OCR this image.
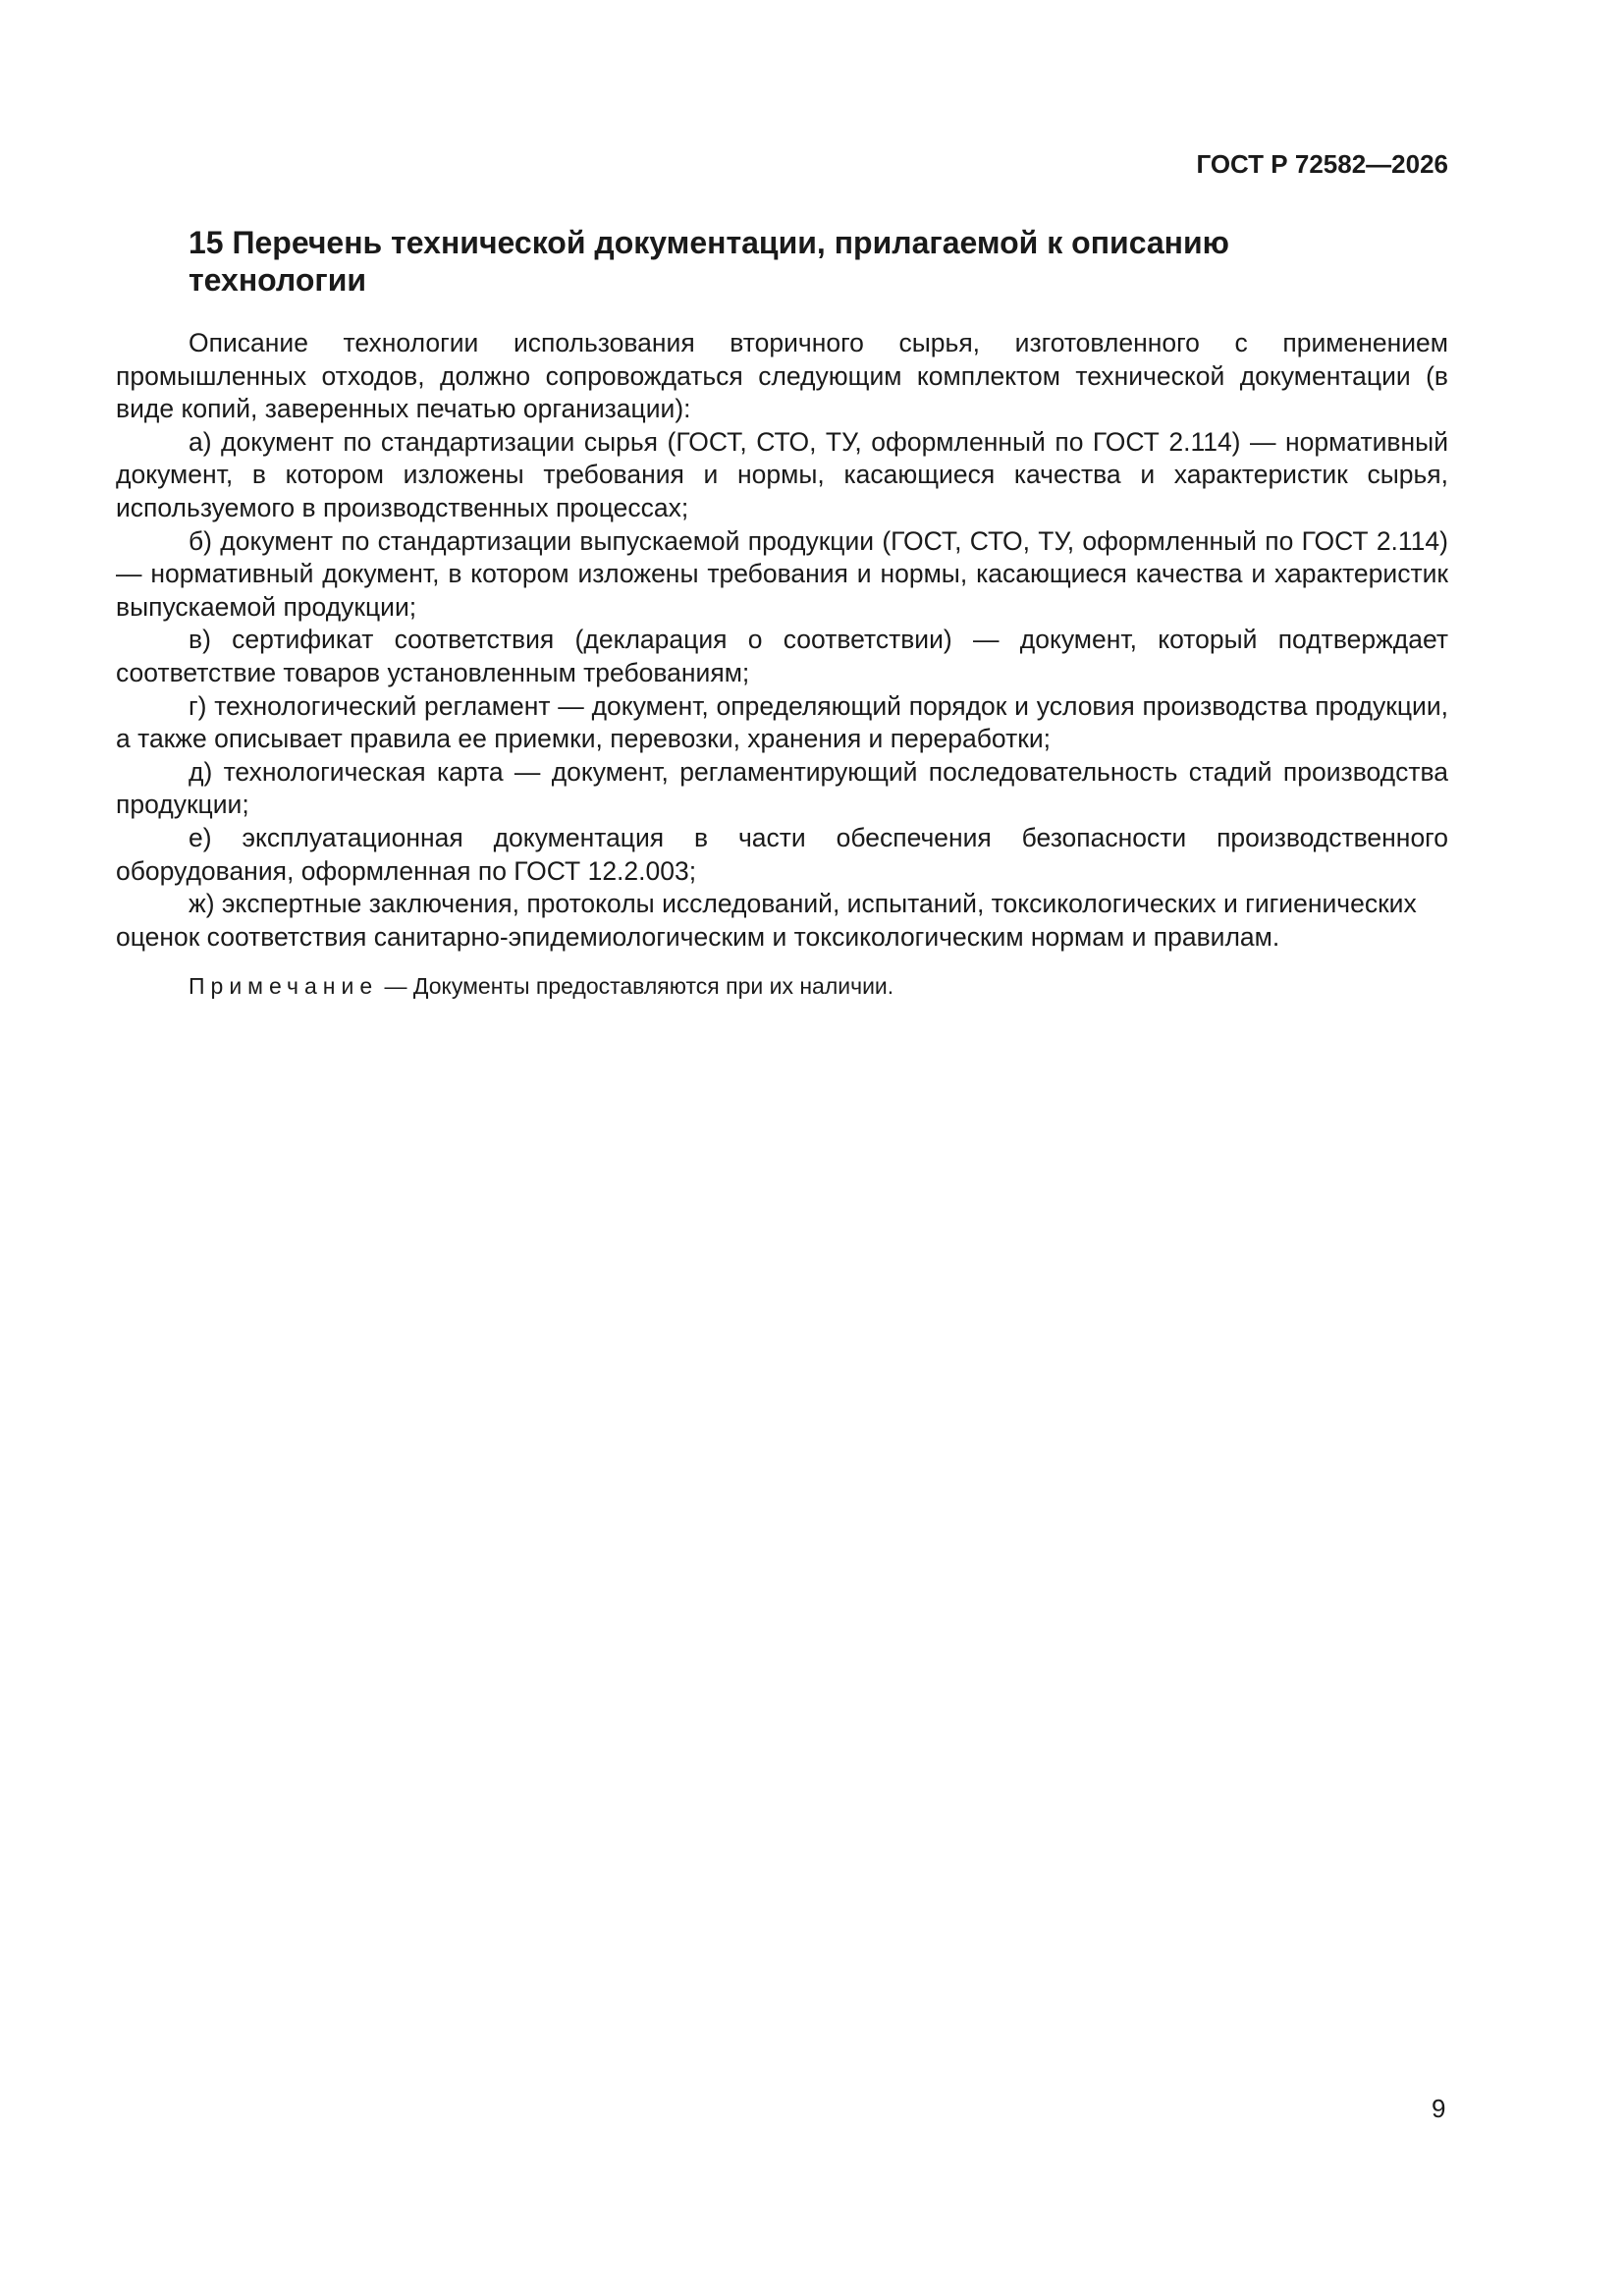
ГОСТ Р 72582—2026
15 Перечень технической документации, прилагаемой к описанию технологии

Описание технологии использования вторичного сырья, изготовленного с применением промышленных отходов, должно сопровождаться следующим комплектом технической документации (в виде копий, заверенных печатью организации):

а) документ по стандартизации сырья (ГОСТ, СТО, ТУ, оформленный по ГОСТ 2.114) — нормативный документ, в котором изложены требования и нормы, касающиеся качества и характеристик сырья, используемого в производственных процессах;

б) документ по стандартизации выпускаемой продукции (ГОСТ, СТО, ТУ, оформленный по ГОСТ 2.114) — нормативный документ, в котором изложены требования и нормы, касающиеся качества и характеристик выпускаемой продукции;

в) сертификат соответствия (декларация о соответствии) — документ, который подтверждает соответствие товаров установленным требованиям;

г) технологический регламент — документ, определяющий порядок и условия производства продукции, а также описывает правила ее приемки, перевозки, хранения и переработки;

д) технологическая карта — документ, регламентирующий последовательность стадий производства продукции;

е) эксплуатационная документация в части обеспечения безопасности производственного оборудования, оформленная по ГОСТ 12.2.003;

ж) экспертные заключения, протоколы исследований, испытаний, токсикологических и гигиенических оценок соответствия санитарно-эпидемиологическим и токсикологическим нормам и правилам.

Примечание — Документы предоставляются при их наличии.
9
